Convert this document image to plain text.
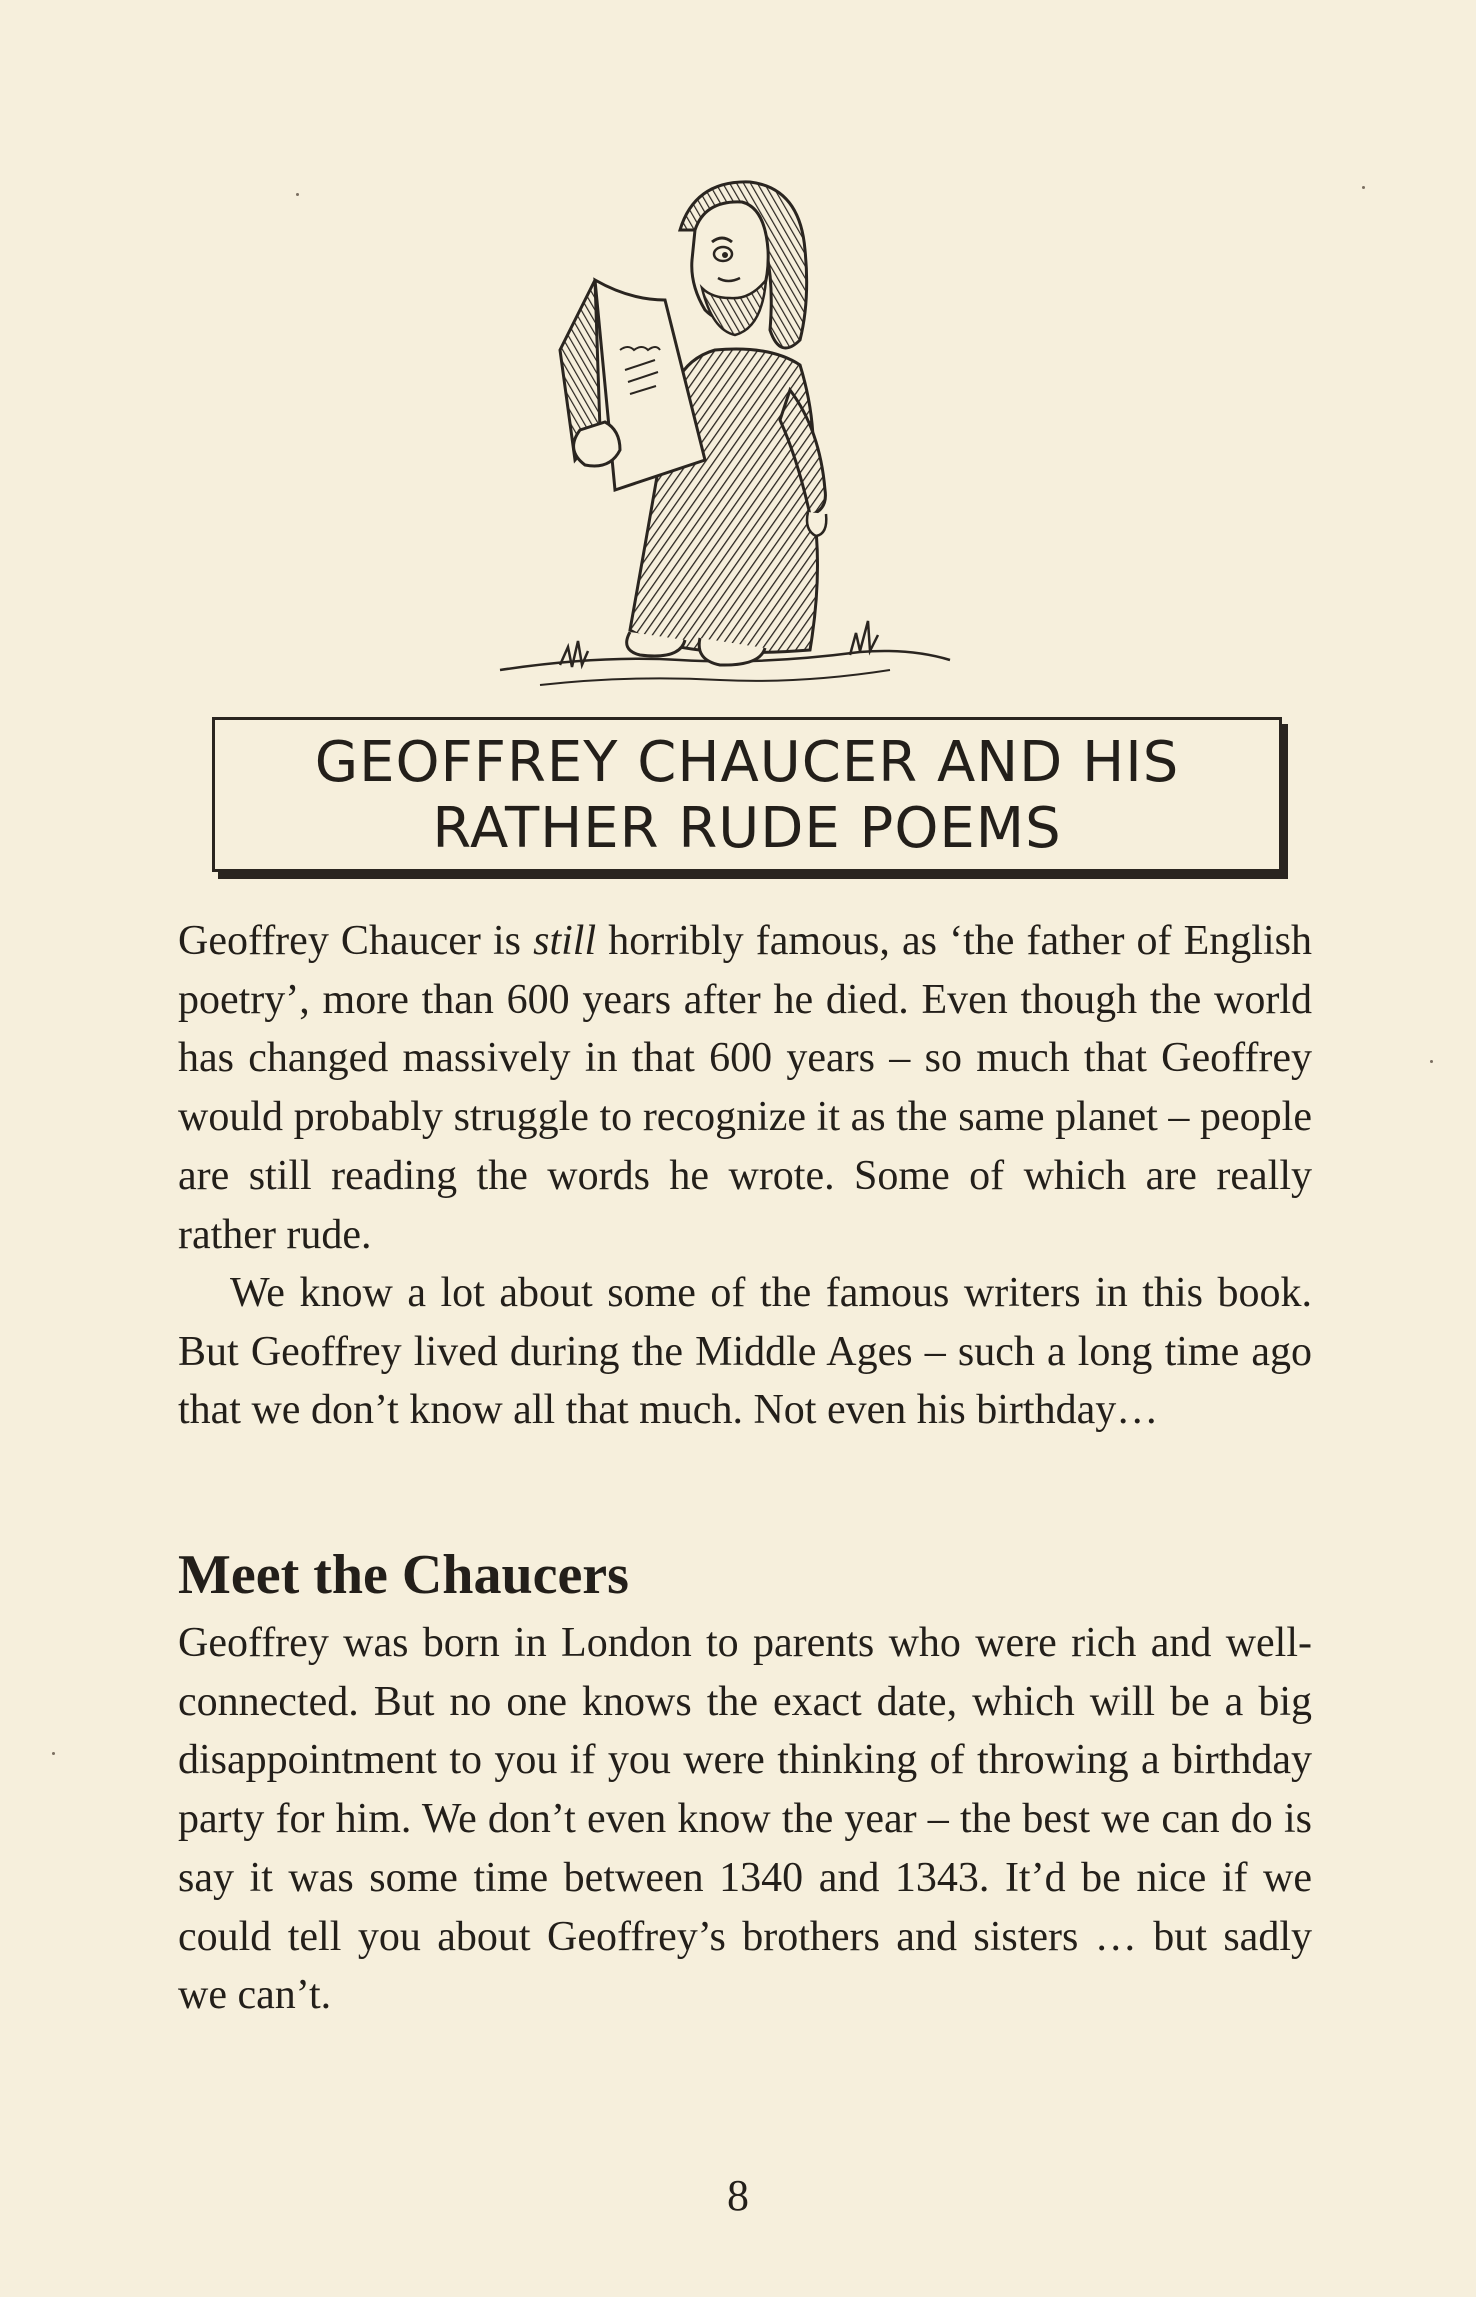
GEOFFREY CHAUCER AND HIS
RATHER RUDE POEMS
Geoffrey Chaucer is still horribly famous, as ‘the father of English poetry’, more than 600 years after he died. Even though the world has changed massively in that 600 years – so much that Geoffrey would probably struggle to recognize it as the same planet – people are still reading the words he wrote. Some of which are really rather rude.
We know a lot about some of the famous writers in this book. But Geoffrey lived during the Middle Ages – such a long time ago that we don’t know all that much. Not even his birthday…
Meet the Chaucers
Geoffrey was born in London to parents who were rich and well-connected. But no one knows the exact date, which will be a big disappointment to you if you were thinking of throwing a birthday party for him. We don’t even know the year – the best we can do is say it was some time between 1340 and 1343. It’d be nice if we could tell you about Geoffrey’s brothers and sisters … but sadly we can’t.
8
